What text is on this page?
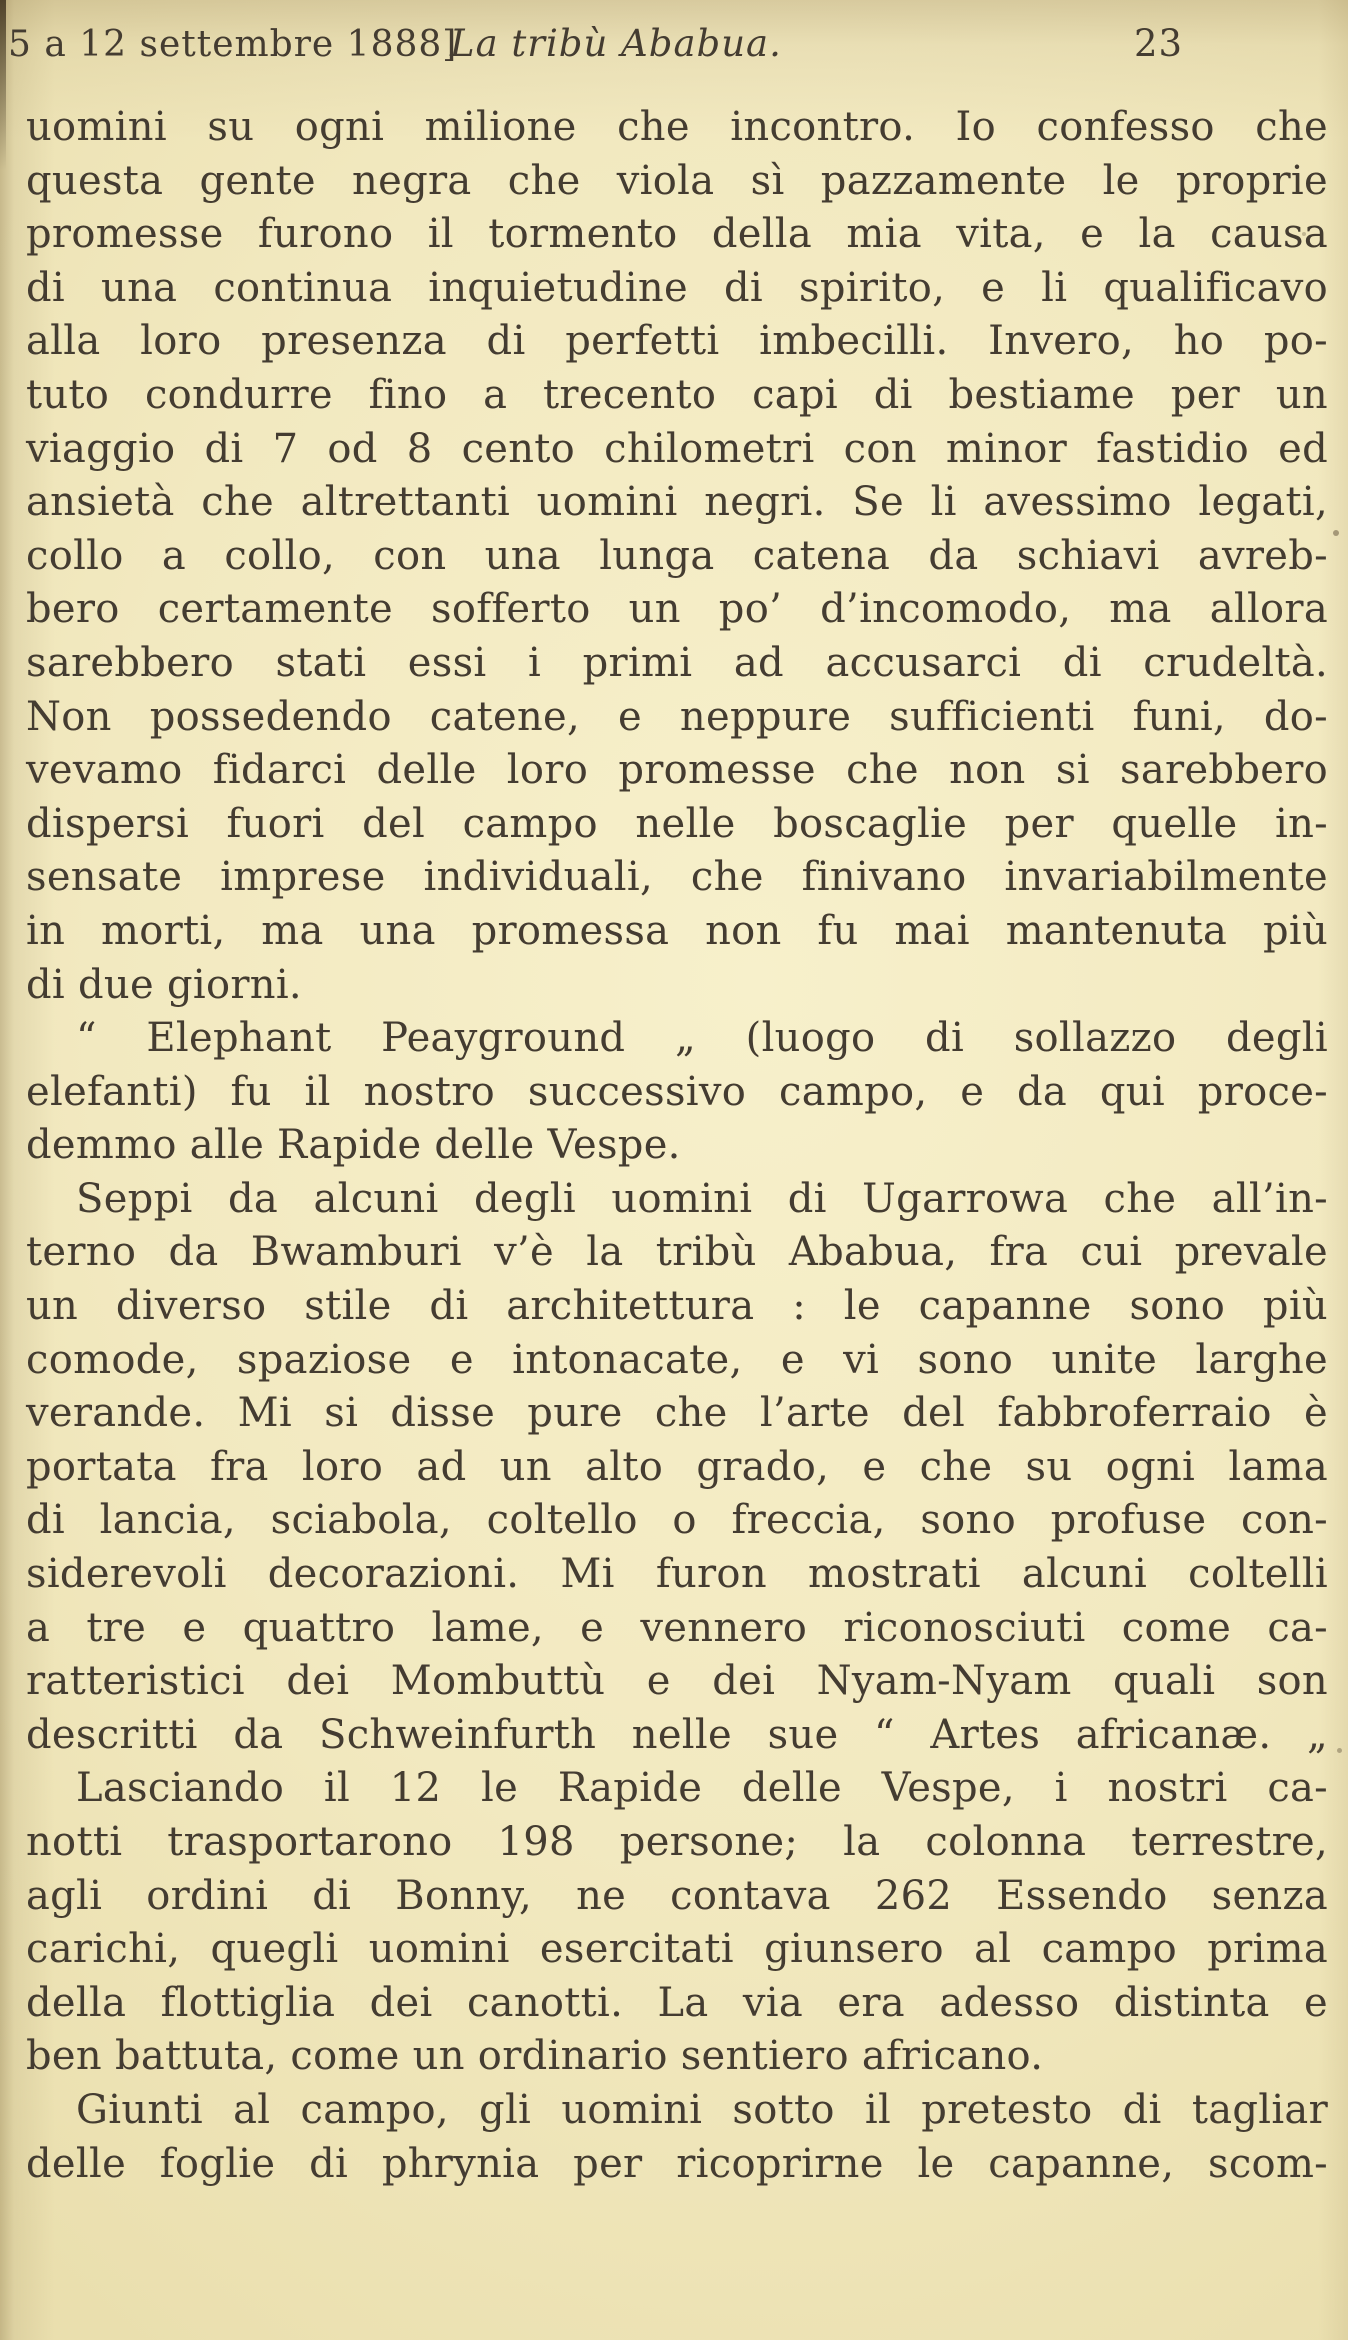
5 a 12 settembre 1888]
La tribù Ababua.	23
uomini su ogni milione che incontro. Io confesso che
questa gente negra che viola sì pazzamente le proprie
promesse furono il tormento della mia vita, e la causa
di una continua inquietudine di spirito, e li qualificavo
alla loro presenza di perfetti imbecilli. Invero, ho po-
tuto condurre fino a trecento capi di bestiame per un
viaggio di 7 od 8 cento chilometri con minor fastidio ed
ansietà che altrettanti uomini negri. Se li avessimo legati,
collo a collo, con una lunga catena da schiavi avreb-
bero certamente sofferto un po’ d’incomodo, ma allora
sarebbero stati essi i primi ad accusarci di crudeltà.
Non possedendo catene, e neppure sufficienti funi, do-
vevamo fidarci delle loro promesse che non si sarebbero
dispersi fuori del campo nelle boscaglie per quelle in-
sensate imprese individuali, che finivano invariabilmente
in morti, ma una promessa non fu mai mantenuta più
di due giorni.
“ Elephant Peayground „ (luogo di sollazzo degli
elefanti) fu il nostro successivo campo, e da qui proce-
demmo alle Rapide delle Vespe.
Seppi da alcuni degli uomini di Ugarrowa che all’in-
terno da Bwamburi v’è la tribù Ababua, fra cui prevale
un diverso stile di architettura : le capanne sono più
comode, spaziose e intonacate, e vi sono unite larghe
verande. Mi si disse pure che l’arte del fabbroferraio è
portata fra loro ad un alto grado, e che su ogni lama
di lancia, sciabola, coltello o freccia, sono profuse con-
siderevoli decorazioni. Mi furon mostrati alcuni coltelli
a tre e quattro lame, e vennero riconosciuti come ca-
ratteristici dei Mombuttù e dei Nyam-Nyam quali son
descritti da Schweinfurth nelle sue “ Artes africanæ. „
Lasciando il 12 le Rapide delle Vespe, i nostri ca-
notti trasportarono 198 persone; la colonna terrestre,
agli ordini di Bonny, ne contava 262 Essendo senza
carichi, quegli uomini esercitati giunsero al campo prima
della flottiglia dei canotti. La via era adesso distinta e
ben battuta, come un ordinario sentiero africano.
Giunti al campo, gli uomini sotto il pretesto di tagliar
delle foglie di phrynia per ricoprirne le capanne, scom-
